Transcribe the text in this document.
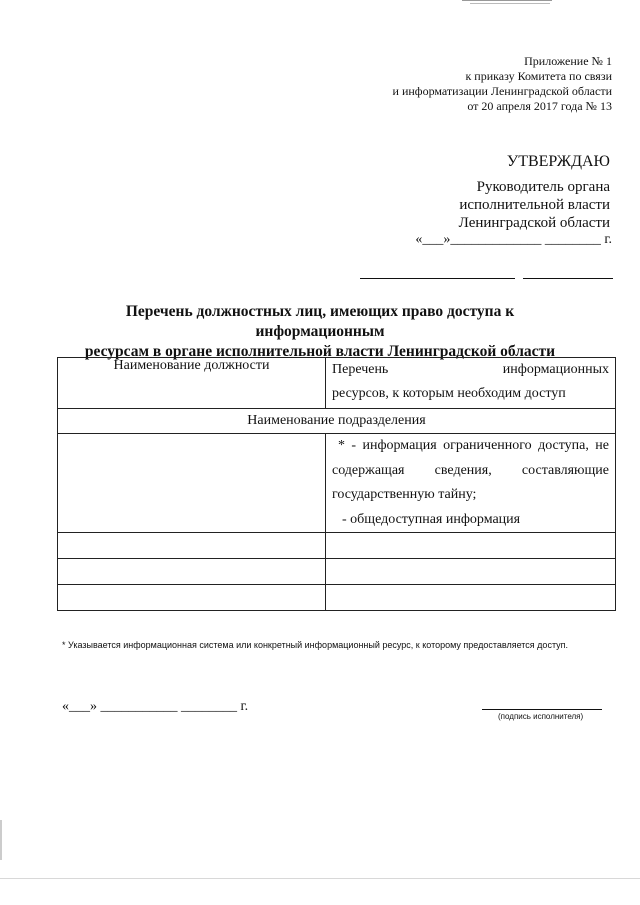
Приложение № 1
к приказу Комитета по связи
и информатизации Ленинградской области
от 20 апреля 2017 года № 13
УТВЕРЖДАЮ
Руководитель органа
исполнительной власти
Ленинградской области
«___»_____________ ________ г.
Перечень должностных лиц, имеющих право доступа к информационным
ресурсам в органе исполнительной власти Ленинградской области
Наименование должности	Перечень информационных
ресурсов, к которым необходим доступ

Наименование подразделения	

	* - информация ограниченного доступа, не содержащая сведения, составляющие государственную тайну;
- общедоступная информация

* Указывается информационная система или конкретный информационный ресурс, к которому предоставляется доступ.
«___» ___________ ________ г.
(подпись исполнителя)
